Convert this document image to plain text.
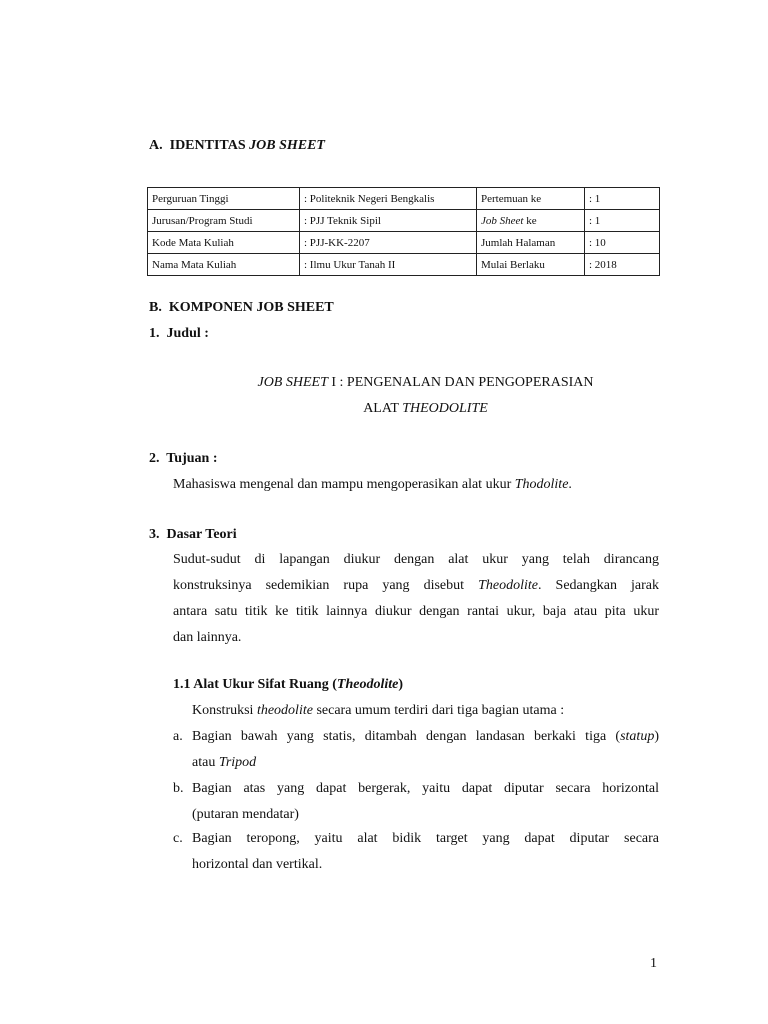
A. IDENTITAS JOB SHEET
Perguruan Tinggi	: Politeknik Negeri Bengkalis	Pertemuan ke	: 1
Jurusan/Program Studi	: PJJ Teknik Sipil	Job Sheet ke	: 1
Kode Mata Kuliah	: PJJ-KK-2207	Jumlah Halaman	: 10
Nama Mata Kuliah	: Ilmu Ukur Tanah II	Mulai Berlaku	: 2018
B. KOMPONEN JOB SHEET
1. Judul :
JOB SHEET I : PENGENALAN DAN PENGOPERASIAN
ALAT THEODOLITE
2. Tujuan :
Mahasiswa mengenal dan mampu mengoperasikan alat ukur Thodolite.
3. Dasar Teori
Sudut-sudut di lapangan diukur dengan alat ukur yang telah dirancang
konstruksinya sedemikian rupa yang disebut Theodolite. Sedangkan jarak
antara satu titik ke titik lainnya diukur dengan rantai ukur, baja atau pita ukur
dan lainnya.
1.1 Alat Ukur Sifat Ruang (Theodolite)
Konstruksi theodolite secara umum terdiri dari tiga bagian utama :
a. Bagian bawah yang statis, ditambah dengan landasan berkaki tiga (statup)
atau Tripod
b. Bagian atas yang dapat bergerak, yaitu dapat diputar secara horizontal
(putaran mendatar)
c. Bagian teropong, yaitu alat bidik target yang dapat diputar secara
horizontal dan vertikal.
1
